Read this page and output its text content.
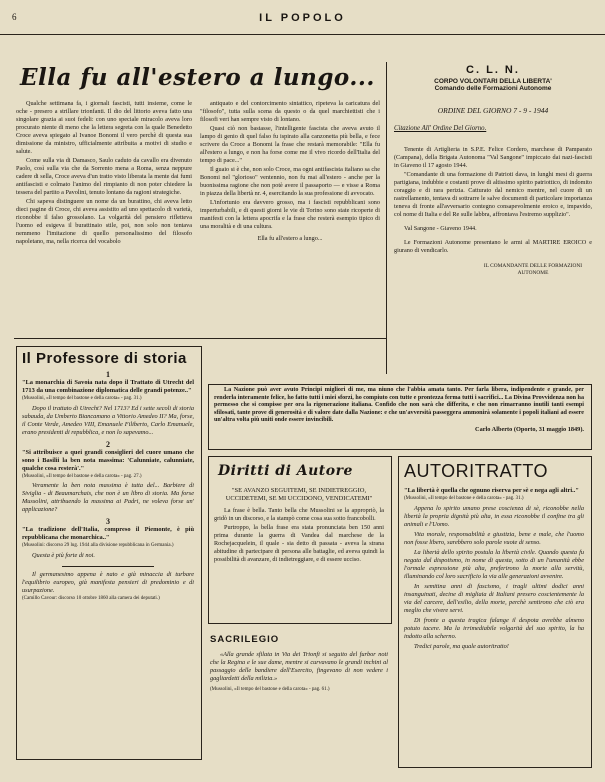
6	IL POPOLO
Ella fu all'estero a lungo...

Qualche settimana fa, i giornali fascisti, tutti insieme, come le oche - presero a strillare trionfanti. Il dio del littorio aveva fatto una singolare grazia ai suoi fedeli: con uno speciale miracolo aveva loro procurato niente di meno che la lettera segreta con la quale Benedetto Croce aveva spiegato al Ivanoe Bonomi il vero perchè di questa sua dimissione da ministro, ufficialmente attribuita a motivi di studio e salute.

Come sulla via di Damasco, Saulo caduto da cavallo era divenuto Paolo, così sulla via che da Sorrento mena a Roma, senza neppure cadere di sella, Croce aveva d'un tratto visto liberata la mente dai fumi antifascisti e colmato l'animo del rimpianto di non poter chiedere la tessera del partito a Pavolini, tenuto lontano da ragioni strategiche.

Chi sapeva distinguere un nome da un burattino, chi aveva letto dieci pagine di Croce, chi aveva assistito ad uno spettacolo di varietà, riconobbe il falso grossolano. La volgarità del pensiero rifletteva l'uomo ed esigeva il burattinaio stile, poi, non solo non tentava nemmeno l'imitazione di quello personalissimo del filosofo napoletano, ma, nella ricerca del vocabolo

antiquato e del contorcimento sintattico, ripeteva la caricatura del "filosofo", tutta sulla scena da questo o da quel marchiettisti che i filosofi veri han sempre visto di lontano.

Quasi ciò non bastasse, l'intelligente fascista che aveva avuto il lampo di genio di quel falso fu ispirato alla canzonetta più bella, e fece scrivere da Croce a Bonomi la frase che restarà memorabile: "Ella fu all'estero a lungo, e non ha forse come me il vivo ricordo dell'Italia del tempo di pace..."

Il guaio si è che, non solo Croce, ma ogni antifascista italiano sa che Bonomi nel "glorioso" ventennio, non fu mai all'estero - anche per la buonissima ragione che non potè avere il passaporto — e visse a Roma in piazza della libertà nr. 4, esercitando la sua professione di avvocato.

L'infortunio era davvero grosso, ma i fascisti repubblicani sono imperturbabili, e di questi giorni le vie di Torino sono state ricoperte di manifesti con la lettera apocrifa e la frase che resterà esempio tipico di una moralità e di una cultura.

Ella fu all'estero a lungo...

C. L. N.
CORPO VOLONTARI DELLA LIBERTA'
Comando delle Formazioni Autonome
ORDINE DEL GIORNO 7 - 9 - 1944
Citazione All' Ordine Del Giorno.

Tenente di Artiglieria in S.P.E. Felice Cordero, marchese di Pamparato (Campana), della Brigata Autonoma "Val Sangone" impiccato dai nazi-fascisti in Giaveno il 17 agosto 1944.

"Comandante di una formazione di Patrioti dava, in lunghi mesi di guerra partigiana, indubbie e costanti prove di altissimo spirito patriottico, di indomito coraggio e di rara perizia. Catturato dal nemico mentre, nel cuore di un rastrellamento, tentava di sottrarre le salve documenti di particolare importanza teneva di fronte all'avversario contegno consapevolmente eroico e, impavido, col nome di Italia e del Re sulle labbra, affrontava l'estremo supplizio".

Val Sangone - Giaveno 1944.

Le Formazioni Autonome presentano le armi al MARTIRE EROICO e giurano di vendicarlo.

IL COMANDANTE DELLE FORMAZIONI AUTONOME
Il Professore di storia
1
"La monarchia di Savoia nata dopo il Trattato di Utrecht del 1713 da una combinazione diplomatica delle grandi potenze.."
(Mussolini, «Il tempo del bastone e della carota» - pag. 31.)
Dopo il trattato di Utrecht? Nel 1713? Ed i sette secoli di storia sabauda, da Umberto Biancamano a Vittorio Amedeo II? Ma, forse, il Conte Verde, Amedeo VIII, Emanuele Filiberto, Carlo Emanuele, erano presidenti di repubblica, e non lo sapevamo...
2
"Si attribuisce a quei grandi consiglieri del cuore umano che sono i Basilii la ben nota massima: 'Calunniate, calunniate, qualche cosa resterà'."
(Mussolini, «Il tempo del bastone e della carota» - pag. 27.)
Veramente la ben nota massima è tutta del... Barbiere di Siviglia - di Beaumarchais, che non è un libro di storia. Ma forse Mussolini, attribuendo la massima ai Padri, ne voleva forse un' applicazione?
3
"La tradizione dell'Italia, compreso il Piemonte, è più repubblicana che monarchica.."
(Mussolini: discorso 29 lug. 1944 alla divisione repubblicana in Germania.)
Questa è più forte di noi.
Il germanesimo appena è nato e già minaccia di turbare l'equilibrio europeo, già manifesta pensieri di predominio e di usurpazione.
(Camillo Cavour: discorso 10 ottobre 1860 alla camera dei deputati.)
La Nazione può aver avuto Principi migliori di me, ma niuno che l'abbia amata tanto. Per farla libera, indipendente e grande, per renderla interamente felice, ho fatto tutti i miei sforzi, ho compiuto con tutte e prontezza ferma tutti i sacrifici... La Divina Provvidenza non ha permesso che si compisse per ora la rigenerazione italiana. Confido che non sarà che differita, e che non rimarranno inutili tanti esempi sfilosati, tante prove di generosità e di valore date dalla Nazione: e che un'avversità passeggera ammonirà solamente i popoli italiani ad essere un'altra volta più uniti onde essere invincibili.
Carlo Alberto (Oporto, 31 maggio 1849).
Diritti di Autore
"SE AVANZO SEGUITEMI, SE INDIETREGGIO, UCCIDETEMI, SE MI UCCIDONO, VENDICATEMI"

La frase è bella. Tanto bella che Mussolini se la appropriò, la gridò in un discorso, e la stampò come cosa sua sotto francobolli.

Purtroppo, la bella frase era stata pronunciata ben 150 anni prima durante la guerra di Vandea dal marchese de la Rochejacquelein, il quale - sia detto di passata - aveva la strana abitudine di partecipare di persona alle battaglie, ed aveva quindi la possibilità di avanzare, di indietreggiare, e di essere ucciso.

SACRILEGIO
«Alla grande sfilata in Via dei Trionfi si seguito del furbor noti che la Regina e le sue dame, mentre si curvavano le grandi inchini al passaggio delle bandiere dell'Esercito, fingevano di non vedere i gagliardetti della milizia.»
(Mussolini, «Il tempo del bastone e della carota» - pag. 61.)
AUTORITRATTO
"La libertà è quella che ognuno riserva per sè e nega agli altri.."
(Mussolini, «Il tempo del bastone e della carota» - pag. 31.)

Appena lo spirito umano prese coscienza di sè, riconobbe nella libertà la propria dignità più alta, in essa riconobbe il confine tra gli animali e l'Uomo.

Vita morale, responsabilità e giustizia, bene e male, che l'uomo non fosse libero, sarebbero solo parole vuote di senso.

La libertà dello spirito postula la libertà civile. Quando questa fu negata dal dispotismo, in nome di questa, sotto di un l'umanità ebbe l'ormale espressione più alta, preferirono la morte alla servitù, illuminando col loro sacrificio la via alle generazioni avvenire.

In semitina anni di fascismo, i tragli ultimi dodici anni insanguinati, decine di migliaia di Italiani presero coscientemente la via del carcere, dell'esilio, della morte, perchè sentirono che ciò era meglio che vivere servi.

Di fronte a questa tragica falange il despota avrebbe almeno potuto tacere. Ma la irrimediabile volgarità del suo spirito, la ha indotto alla scherno.

Tredici parole, ma quale autoritratto!
